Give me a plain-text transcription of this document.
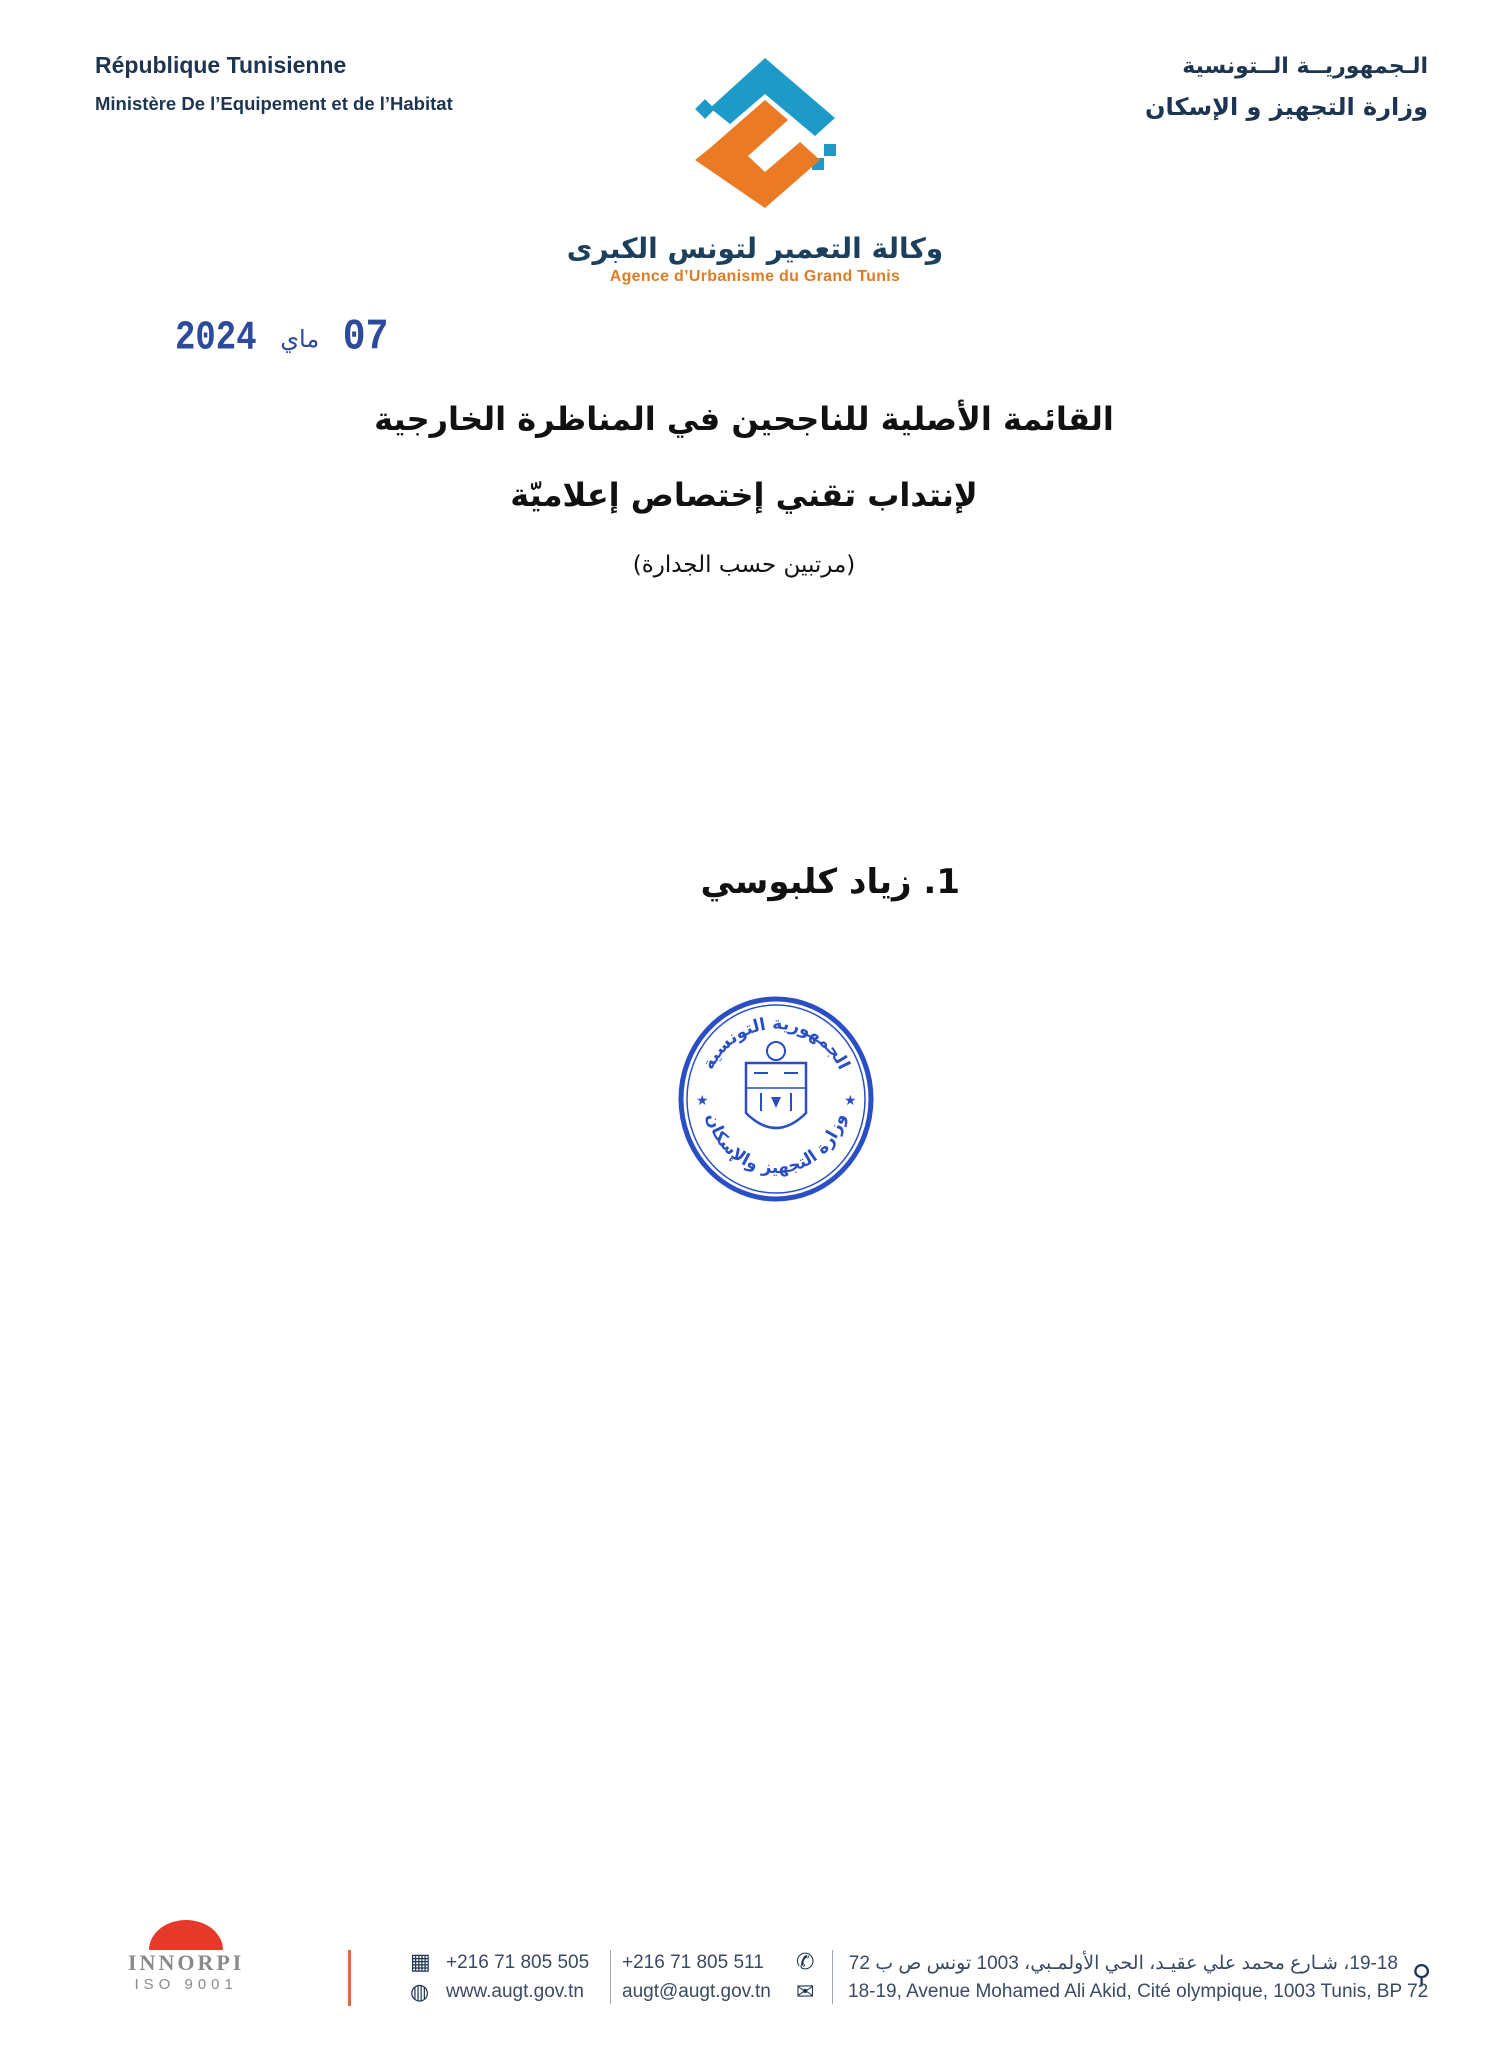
République Tunisienne
Ministère De l’Equipement et de l’Habitat
الـجمهوريــة الــتونسية
وزارة التجهيز و الإسكان
وكالة التعمير لتونس الكبرى
Agence d’Urbanisme du Grand Tunis
2024 ماي 07
القائمة الأصلية للناجحين في المناظرة الخارجية
لإنتداب تقني إختصاص إعلاميّة
(مرتبين حسب الجدارة)
1. زياد كلبوسي
الجمهورية التونسية
وزارة التجهيز والإسكان
★	★
INNORPI
ISO 9001
▦ +216 71 805 505 +216 71 805 511 ✆ 19-18، شـارع محمد علي عقيـد، الحي الأولمـبي، 1003 تونس ص ب 72 ⚲
◍ www.augt.gov.tn augt@augt.gov.tn ✉ 18-19, Avenue Mohamed Ali Akid, Cité olympique, 1003 Tunis, BP 72
